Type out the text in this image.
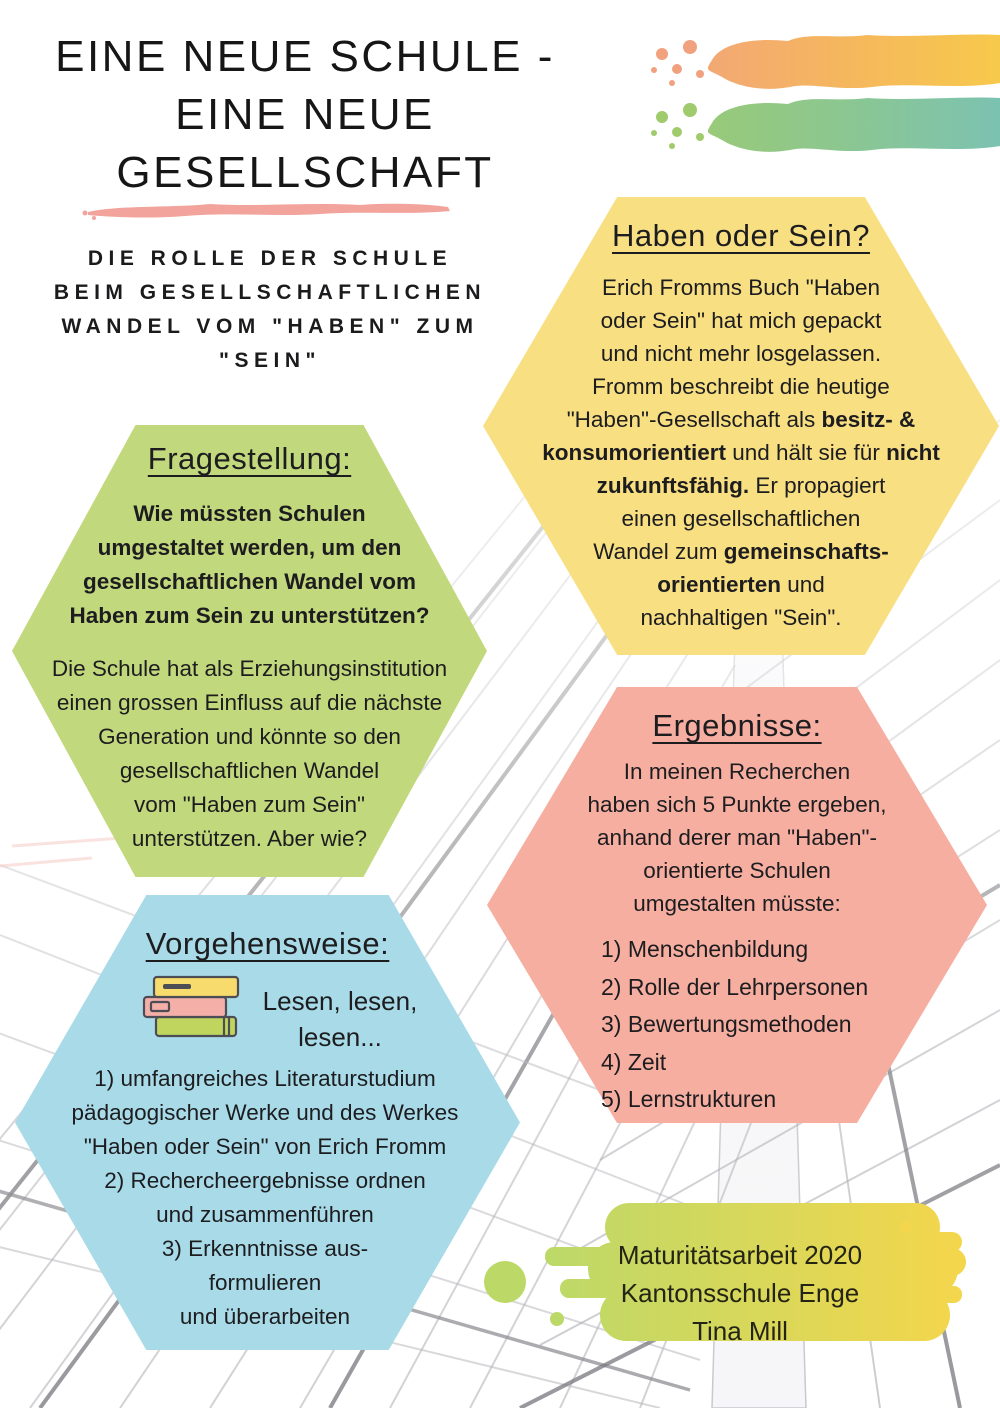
EINE NEUE SCHULE -
EINE NEUE
GESELLSCHAFT
DIE ROLLE DER SCHULE
BEIM GESELLSCHAFTLICHEN
WANDEL VOM "HABEN" ZUM
"SEIN"
Haben oder Sein?
Erich Fromms Buch "Haben
oder Sein" hat mich gepackt
und nicht mehr losgelassen.
Fromm beschreibt die heutige
"Haben"-Gesellschaft als besitz- &
konsumorientiert und hält sie für nicht
zukunftsfähig. Er propagiert
einen gesellschaftlichen
Wandel zum gemeinschafts-
orientierten und
nachhaltigen "Sein".
Fragestellung:
Wie müssten Schulen
umgestaltet werden, um den
gesellschaftlichen Wandel vom
Haben zum Sein zu unterstützen?
Die Schule hat als Erziehungsinstitution
einen grossen Einfluss auf die nächste
Generation und könnte so den
gesellschaftlichen Wandel
vom "Haben zum Sein"
unterstützen. Aber wie?
Ergebnisse:
In meinen Recherchen
haben sich 5 Punkte ergeben,
anhand derer man "Haben"-
orientierte Schulen
umgestalten müsste:
1) Menschenbildung
2) Rolle der Lehrpersonen
3) Bewertungsmethoden
4) Zeit
5) Lernstrukturen
Vorgehensweise:
Lesen, lesen,
lesen...
1) umfangreiches Literaturstudium
pädagogischer Werke und des Werkes
"Haben oder Sein" von Erich Fromm
2) Rechercheergebnisse ordnen
und zusammenführen
3) Erkenntnisse aus-
formulieren
und überarbeiten
Maturitätsarbeit 2020
Kantonsschule Enge
Tina Mill
